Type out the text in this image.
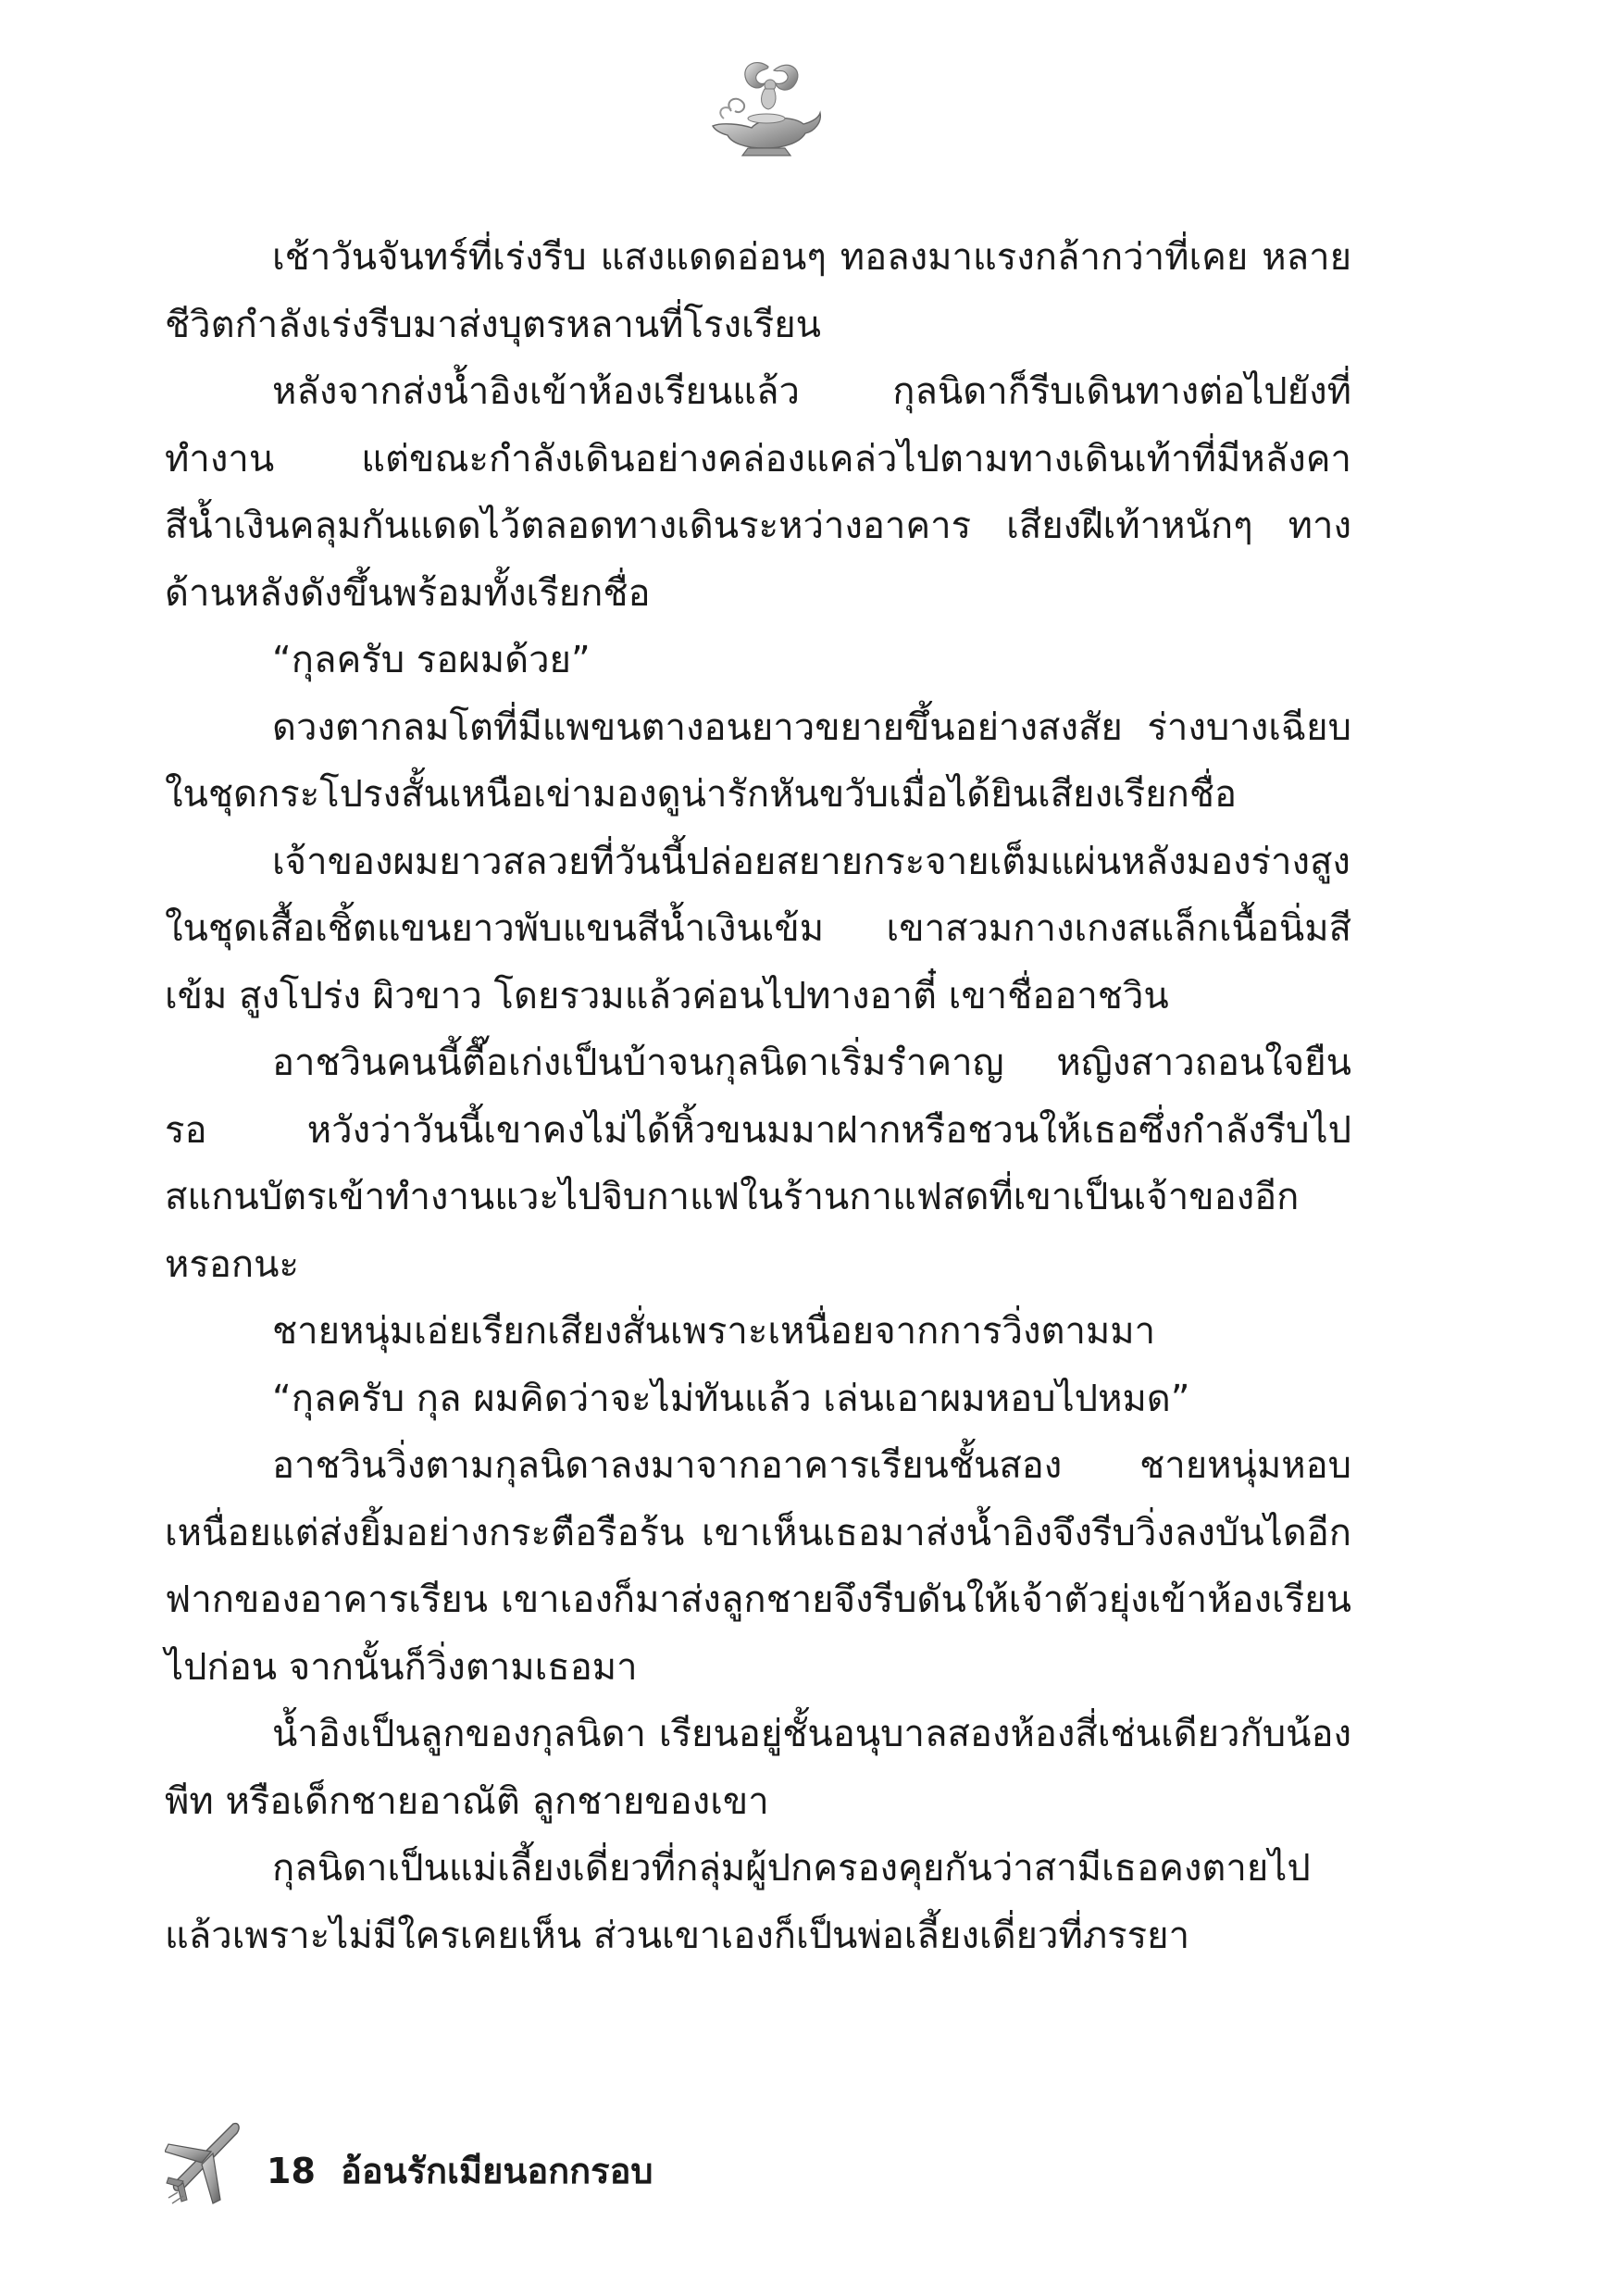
เช้าวันจันทร์ที่เร่งรีบ แสงแดดอ่อนๆ ทอลงมาแรงกล้ากว่าที่เคย หลายชีวิตกำลังเร่งรีบมาส่งบุตรหลานที่โรงเรียน

หลังจากส่งน้ำอิงเข้าห้องเรียนแล้ว กุลนิดาก็รีบเดินทางต่อไปยังที่ทำงาน แต่ขณะกำลังเดินอย่างคล่องแคล่วไปตามทางเดินเท้าที่มีหลังคาสีน้ำเงินคลุมกันแดดไว้ตลอดทางเดินระหว่างอาคาร เสียงฝีเท้าหนักๆ ทางด้านหลังดังขึ้นพร้อมทั้งเรียกชื่อ

“กุลครับ รอผมด้วย”

ดวงตากลมโตที่มีแพขนตางอนยาวขยายขึ้นอย่างสงสัย ร่างบางเฉียบในชุดกระโปรงสั้นเหนือเข่ามองดูน่ารักหันขวับเมื่อได้ยินเสียงเรียกชื่อ

เจ้าของผมยาวสลวยที่วันนี้ปล่อยสยายกระจายเต็มแผ่นหลังมองร่างสูงในชุดเสื้อเชิ้ตแขนยาวพับแขนสีน้ำเงินเข้ม เขาสวมกางเกงสแล็กเนื้อนิ่มสีเข้ม สูงโปร่ง ผิวขาว โดยรวมแล้วค่อนไปทางอาตี๋ เขาชื่ออาชวิน

อาชวินคนนี้ตื๊อเก่งเป็นบ้าจนกุลนิดาเริ่มรำคาญ หญิงสาวถอนใจยืนรอ หวังว่าวันนี้เขาคงไม่ได้หิ้วขนมมาฝากหรือชวนให้เธอซึ่งกำลังรีบไปสแกนบัตรเข้าทำงานแวะไปจิบกาแฟในร้านกาแฟสดที่เขาเป็นเจ้าของอีกหรอกนะ

ชายหนุ่มเอ่ยเรียกเสียงสั่นเพราะเหนื่อยจากการวิ่งตามมา

“กุลครับ กุล ผมคิดว่าจะไม่ทันแล้ว เล่นเอาผมหอบไปหมด”

อาชวินวิ่งตามกุลนิดาลงมาจากอาคารเรียนชั้นสอง ชายหนุ่มหอบเหนื่อยแต่ส่งยิ้มอย่างกระตือรือร้น เขาเห็นเธอมาส่งน้ำอิงจึงรีบวิ่งลงบันไดอีกฟากของอาคารเรียน เขาเองก็มาส่งลูกชายจึงรีบดันให้เจ้าตัวยุ่งเข้าห้องเรียนไปก่อน จากนั้นก็วิ่งตามเธอมา

น้ำอิงเป็นลูกของกุลนิดา เรียนอยู่ชั้นอนุบาลสองห้องสี่เช่นเดียวกับน้องพีท หรือเด็กชายอาณัติ ลูกชายของเขา

กุลนิดาเป็นแม่เลี้ยงเดี่ยวที่กลุ่มผู้ปกครองคุยกันว่าสามีเธอคงตายไปแล้วเพราะไม่มีใครเคยเห็น ส่วนเขาเองก็เป็นพ่อเลี้ยงเดี่ยวที่ภรรยา

18 อ้อนรักเมียนอกกรอบ
